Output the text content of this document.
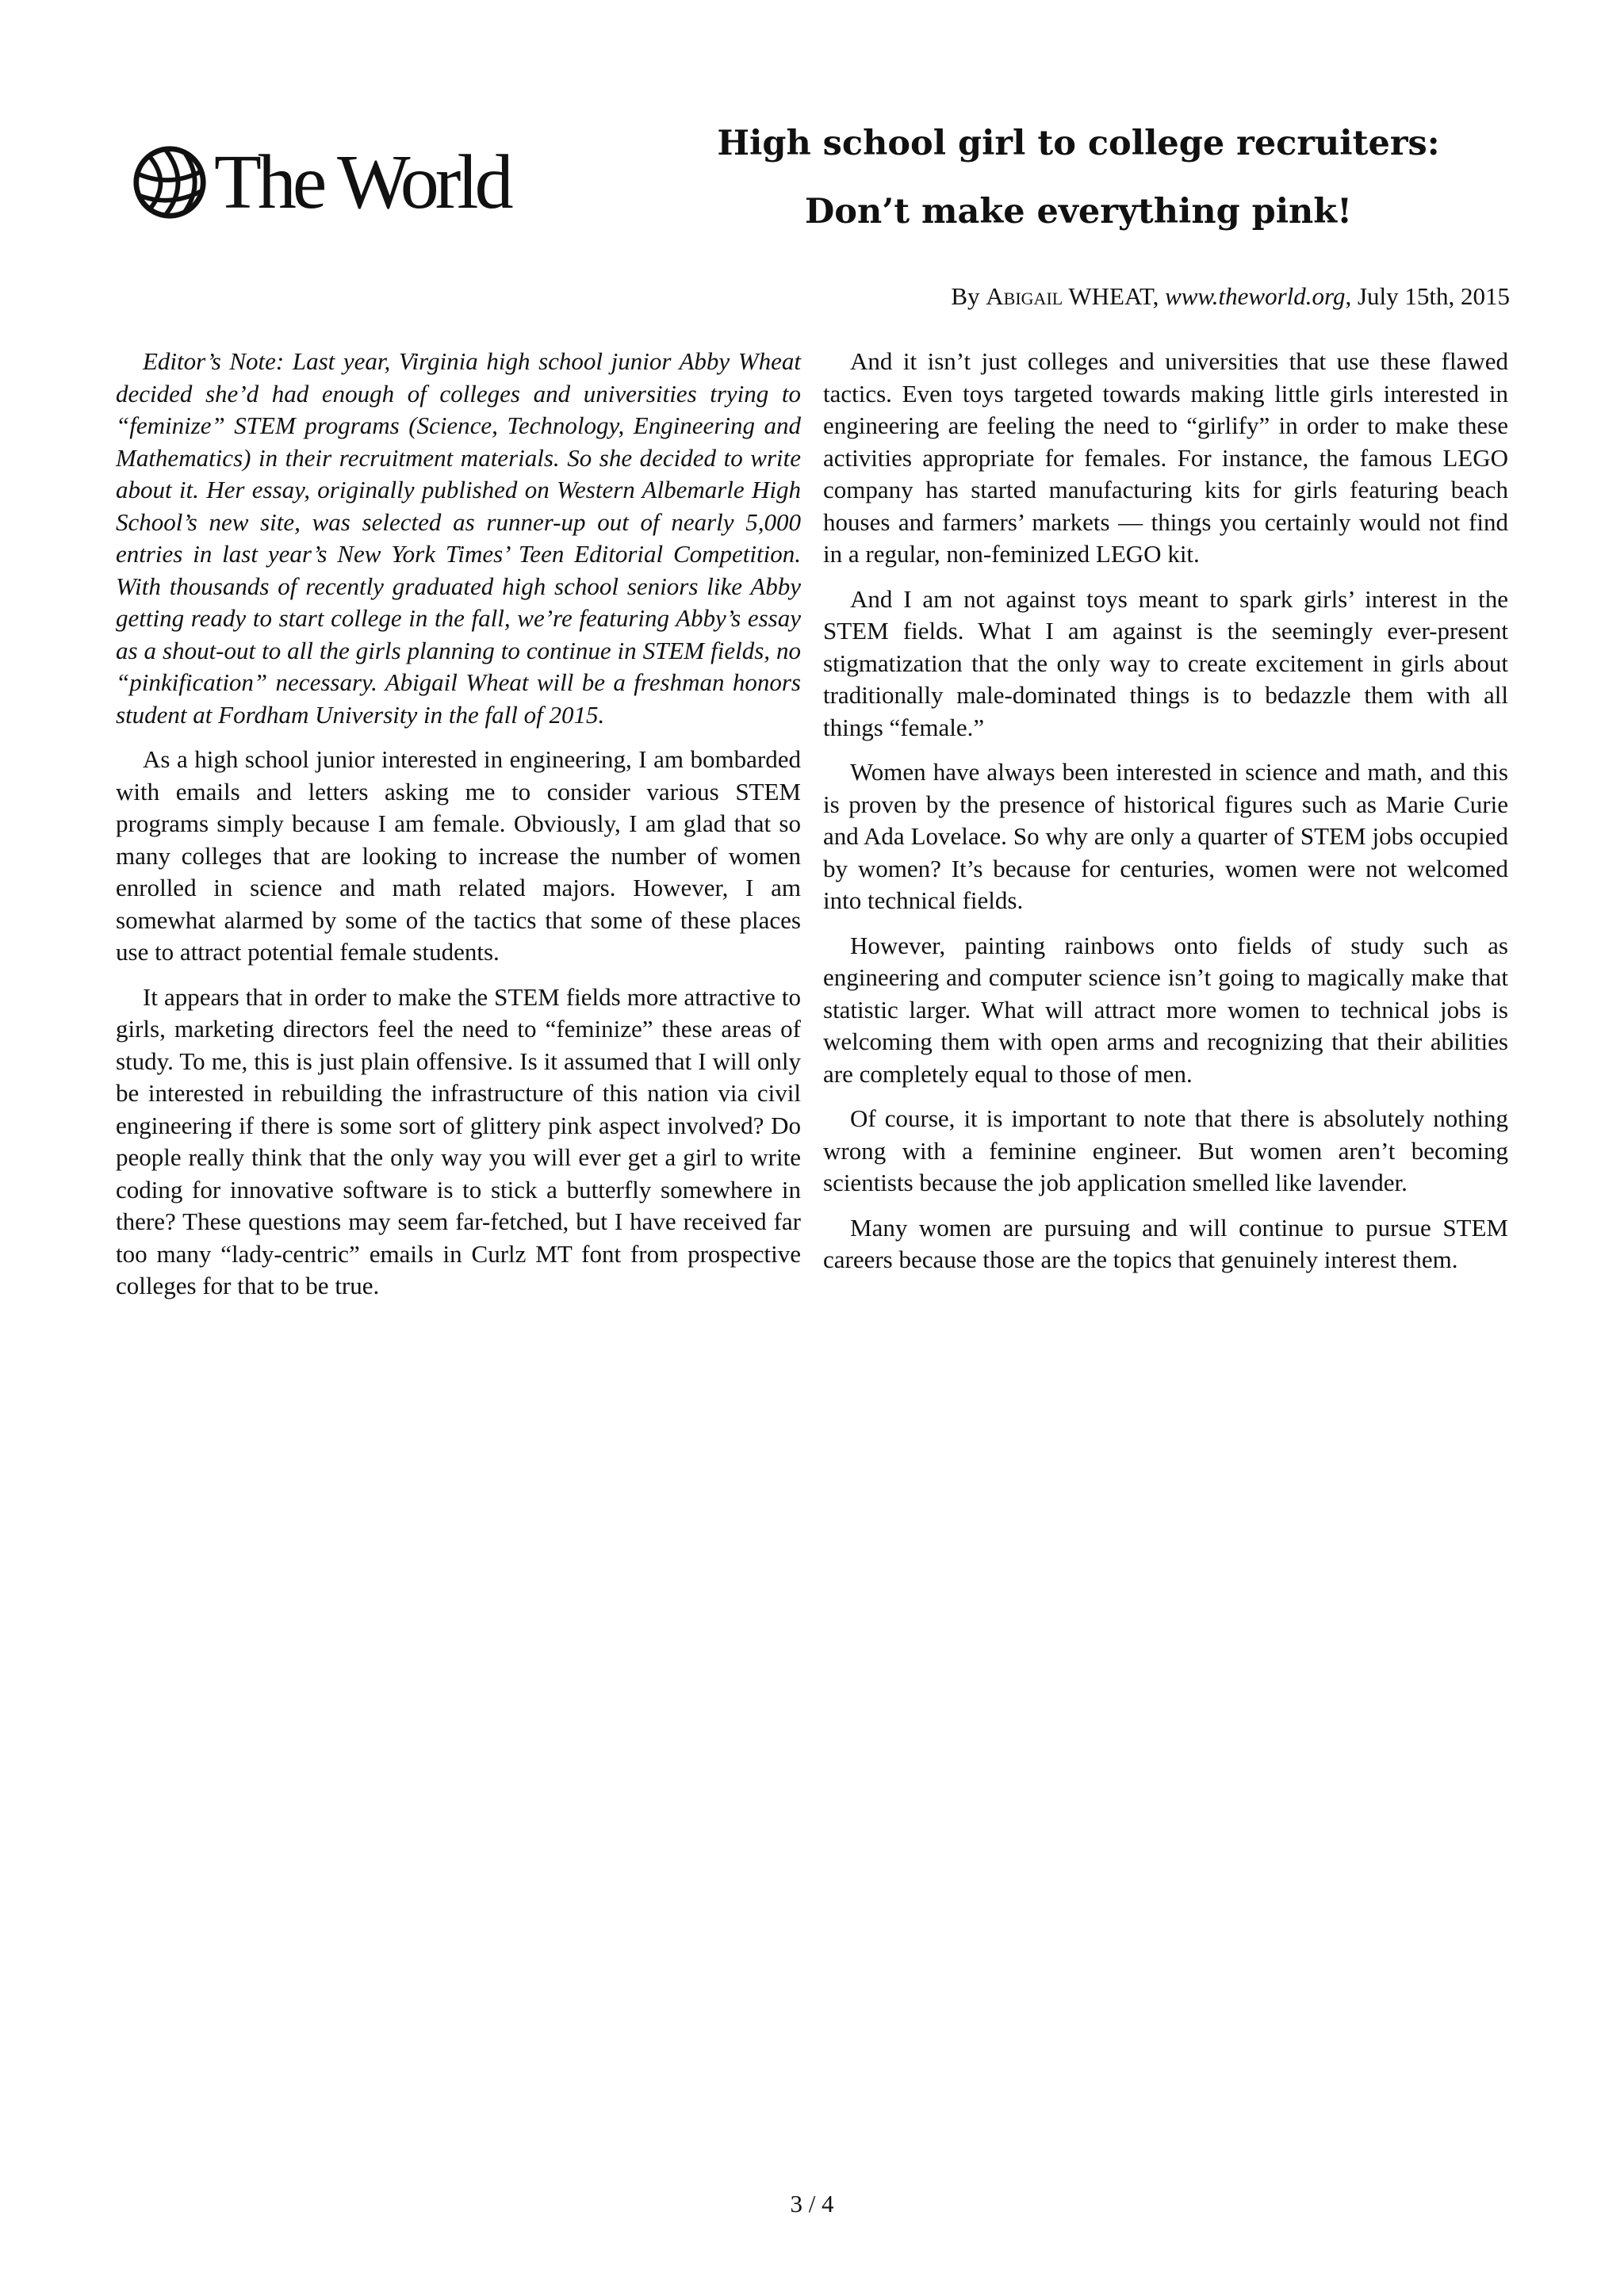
The World	High school girl to college recruiters:
Don’t make everything pink!
By Abigail WHEAT, www.theworld.org, July 15th, 2015

Editor’s Note: Last year, Virginia high school junior Abby Wheat decided she’d had enough of colleges and universities trying to “feminize” STEM programs (Science, Technology, Engineering and Mathematics) in their recruitment materials. So she decided to write about it. Her essay, originally published on Western Albemarle High School’s new site, was selected as runner-up out of nearly 5,000 entries in last year’s New York Times’ Teen Editorial Competition. With thousands of recently graduated high school seniors like Abby getting ready to start college in the fall, we’re featuring Abby’s essay as a shout-out to all the girls planning to continue in STEM fields, no “pinkification” necessary. Abigail Wheat will be a freshman honors student at Fordham University in the fall of 2015.

As a high school junior interested in engineering, I am bombarded with emails and letters asking me to consider various STEM programs simply because I am female. Obviously, I am glad that so many colleges that are looking to increase the number of women enrolled in science and math related majors. However, I am somewhat alarmed by some of the tactics that some of these places use to attract potential female students.

It appears that in order to make the STEM fields more attractive to girls, marketing directors feel the need to “feminize” these areas of study. To me, this is just plain offensive. Is it assumed that I will only be interested in rebuilding the infrastructure of this nation via civil engineering if there is some sort of glittery pink aspect involved? Do people really think that the only way you will ever get a girl to write coding for innovative software is to stick a butterfly somewhere in there? These questions may seem far-fetched, but I have received far too many “lady-centric” emails in Curlz MT font from prospective colleges for that to be true.

And it isn’t just colleges and universities that use these flawed tactics. Even toys targeted towards making little girls interested in engineering are feeling the need to “girlify” in order to make these activities appropriate for females. For instance, the famous LEGO company has started manufacturing kits for girls featuring beach houses and farmers’ markets — things you certainly would not find in a regular, non-feminized LEGO kit.

And I am not against toys meant to spark girls’ interest in the STEM fields. What I am against is the seemingly ever-present stigmatization that the only way to create excitement in girls about traditionally male-dominated things is to bedazzle them with all things “female.”

Women have always been interested in science and math, and this is proven by the presence of historical figures such as Marie Curie and Ada Lovelace. So why are only a quarter of STEM jobs occupied by women? It’s because for centuries, women were not welcomed into technical fields.

However, painting rainbows onto fields of study such as engineering and computer science isn’t going to magically make that statistic larger. What will attract more women to technical jobs is welcoming them with open arms and recognizing that their abilities are completely equal to those of men.

Of course, it is important to note that there is absolutely nothing wrong with a feminine engineer. But women aren’t becoming scientists because the job application smelled like lavender.

Many women are pursuing and will continue to pursue STEM careers because those are the topics that genuinely interest them.

3 / 4
